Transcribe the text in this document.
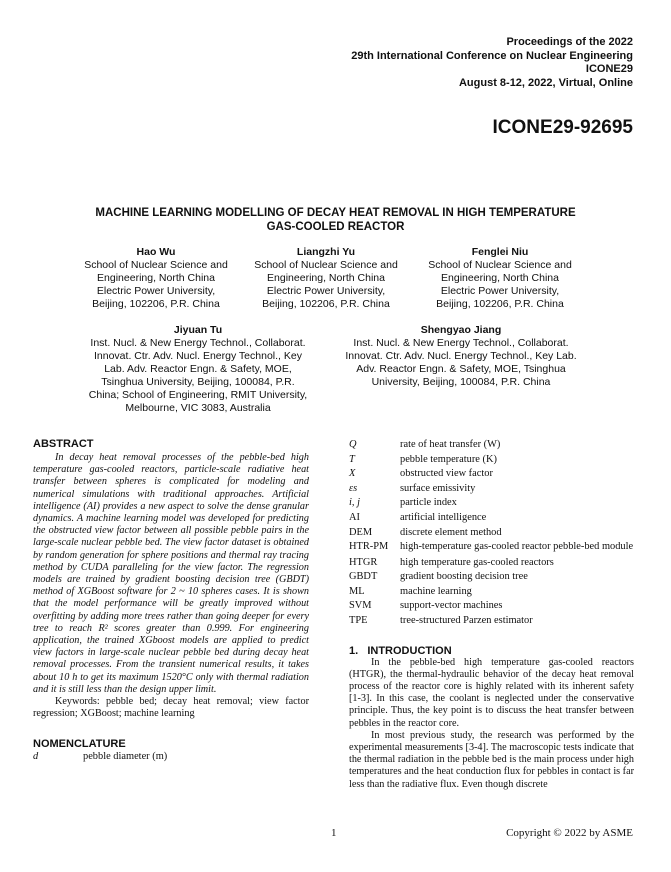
Proceedings of the 2022
29th International Conference on Nuclear Engineering
ICONE29
August 8-12, 2022, Virtual, Online
ICONE29-92695
MACHINE LEARNING MODELLING OF DECAY HEAT REMOVAL IN HIGH TEMPERATURE
GAS-COOLED REACTOR
Hao Wu
School of Nuclear Science and
Engineering, North China
Electric Power University,
Beijing, 102206, P.R. China
Liangzhi Yu
School of Nuclear Science and
Engineering, North China
Electric Power University,
Beijing, 102206, P.R. China
Fenglei Niu
School of Nuclear Science and
Engineering, North China
Electric Power University,
Beijing, 102206, P.R. China
Jiyuan Tu
Inst. Nucl. & New Energy Technol., Collaborat.
Innovat. Ctr. Adv. Nucl. Energy Technol., Key
Lab. Adv. Reactor Engn. & Safety, MOE,
Tsinghua University, Beijing, 100084, P.R.
China; School of Engineering, RMIT University,
Melbourne, VIC 3083, Australia
Shengyao Jiang
Inst. Nucl. & New Energy Technol., Collaborat.
Innovat. Ctr. Adv. Nucl. Energy Technol., Key Lab.
Adv. Reactor Engn. & Safety, MOE, Tsinghua
University, Beijing, 100084, P.R. China
ABSTRACT

In decay heat removal processes of the pebble-bed high temperature gas-cooled reactors, particle-scale radiative heat transfer between spheres is complicated for modeling and numerical simulations with traditional approaches. Artificial intelligence (AI) provides a new aspect to solve the dense granular dynamics. A machine learning model was developed for predicting the obstructed view factor between all possible pebble pairs in the large-scale nuclear pebble bed. The view factor dataset is obtained by random generation for sphere positions and thermal ray tracing method by CUDA paralleling for the view factor. The regression models are trained by gradient boosting decision tree (GBDT) method of XGBoost software for 2 ~ 10 spheres cases. It is shown that the model performance will be greatly improved without overfitting by adding more trees rather than going deeper for every tree to reach R² scores greater than 0.999. For engineering application, the trained XGboost models are applied to predict view factors in large-scale nuclear pebble bed during decay heat removal processes. From the transient numerical results, it takes about 10 h to get its maximum 1520°C only with thermal radiation and it is still less than the design upper limit.

Keywords: pebble bed; decay heat removal; view factor regression; XGBoost; machine learning

NOMENCLATURE
d	pebble diameter (m)
Q	rate of heat transfer (W)
T	pebble temperature (K)
X	obstructed view factor
εs	surface emissivity
i, j	particle index
AI	artificial intelligence
DEM	discrete element method
HTR-PM high-temperature gas-cooled reactor pebble-bed module
HTGR	high temperature gas-cooled reactors
GBDT	gradient boosting decision tree
ML	machine learning
SVM	support-vector machines
TPE	tree-structured Parzen estimator
1.   INTRODUCTION

In the pebble-bed high temperature gas-cooled reactors (HTGR), the thermal-hydraulic behavior of the decay heat removal process of the reactor core is highly related with its inherent safety [1-3]. In this case, the coolant is neglected under the conservative principle. Thus, the key point is to discuss the heat transfer between pebbles in the reactor core.

In most previous study, the research was performed by the experimental measurements [3-4]. The macroscopic tests indicate that the thermal radiation in the pebble bed is the main process under high temperatures and the heat conduction flux for pebbles in contact is far less than the radiative flux. Even though discrete

1	Copyright © 2022 by ASME
